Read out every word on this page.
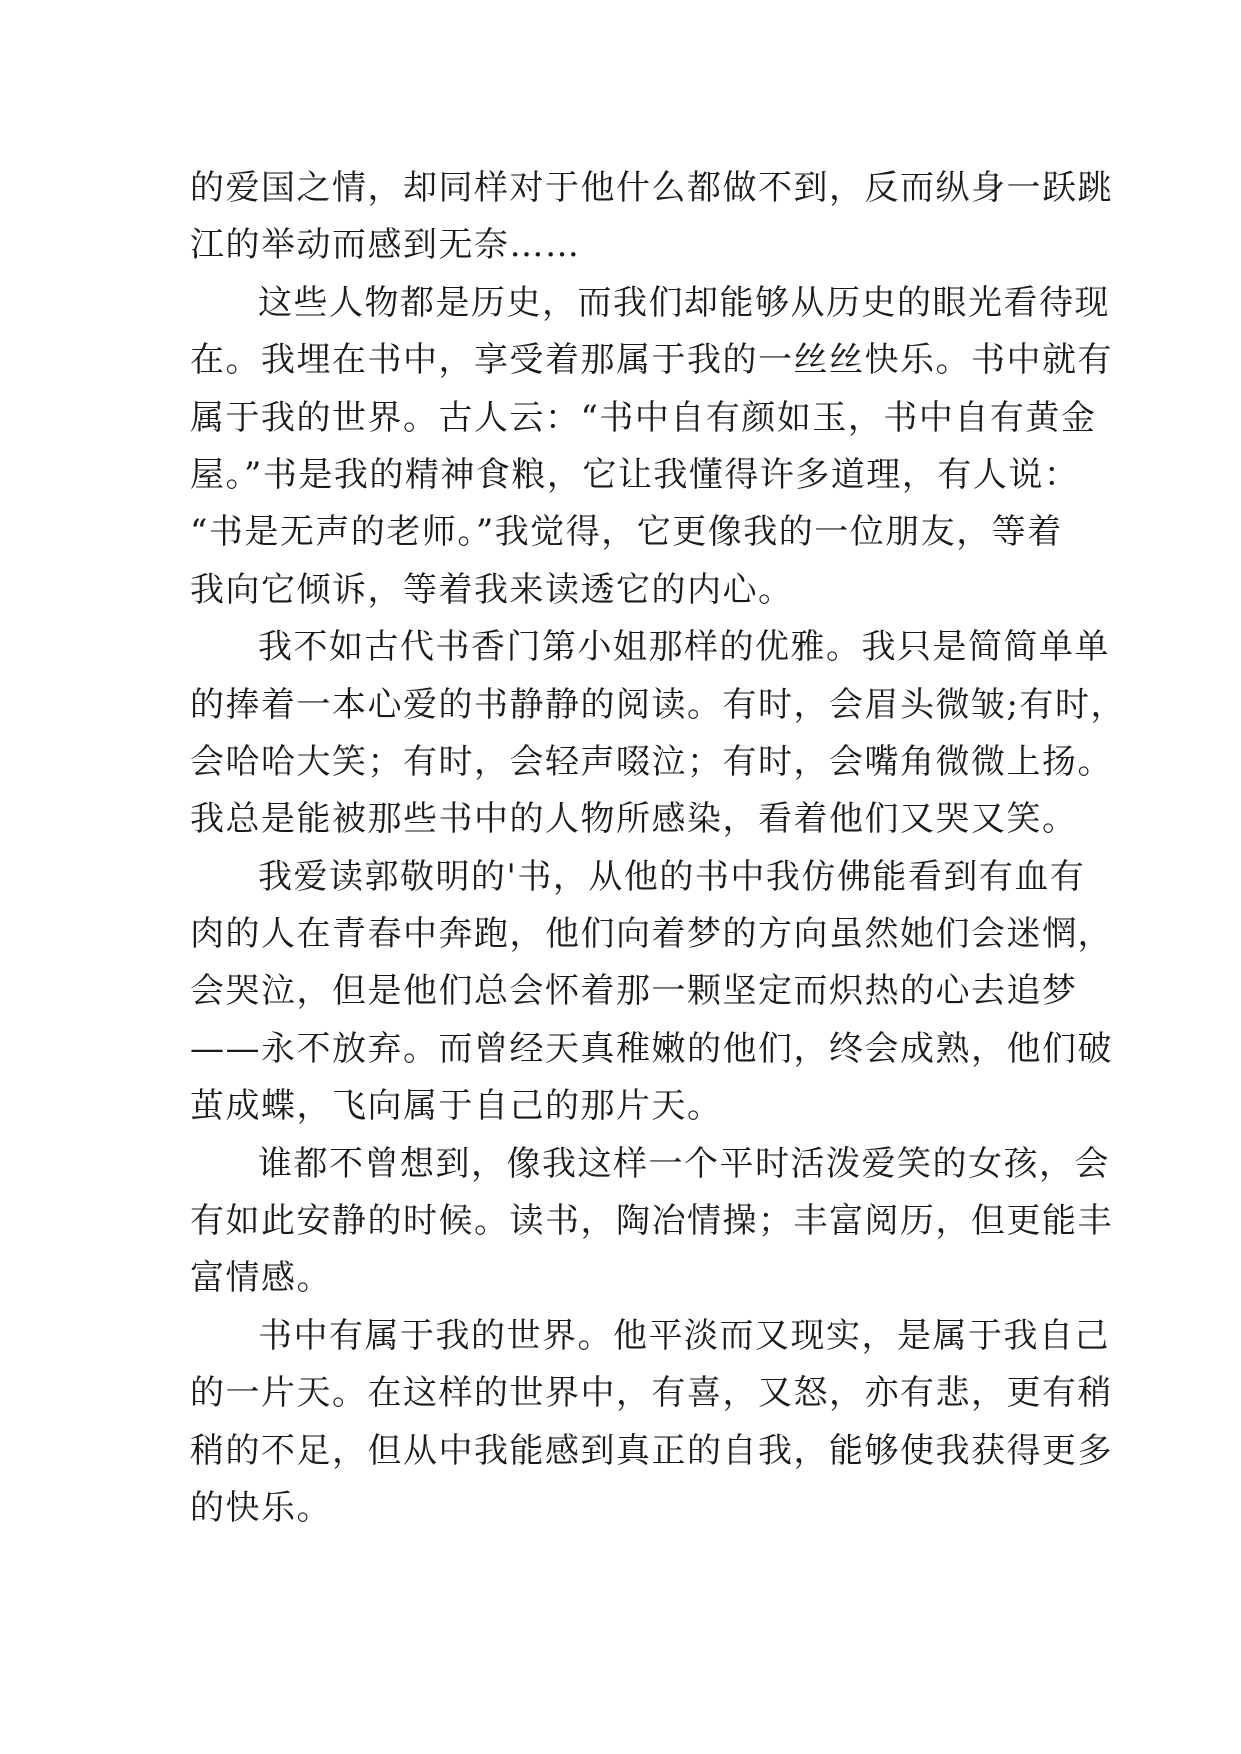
的爱国之情，却同样对于他什么都做不到，反而纵身一跃跳
江的举动而感到无奈……
这些人物都是历史，而我们却能够从历史的眼光看待现
在。我埋在书中，享受着那属于我的一丝丝快乐。书中就有
属于我的世界。古人云：“书中自有颜如玉，书中自有黄金
屋。”书是我的精神食粮，它让我懂得许多道理，有人说：
“书是无声的老师。”我觉得，它更像我的一位朋友，等着
我向它倾诉，等着我来读透它的内心。
我不如古代书香门第小姐那样的优雅。我只是简简单单
的捧着一本心爱的书静静的阅读。有时，会眉头微皱;有时，
会哈哈大笑；有时，会轻声啜泣；有时，会嘴角微微上扬。
我总是能被那些书中的人物所感染，看着他们又哭又笑。
我爱读郭敬明的'书，从他的书中我仿佛能看到有血有
肉的人在青春中奔跑，他们向着梦的方向虽然她们会迷惘，
会哭泣，但是他们总会怀着那一颗坚定而炽热的心去追梦
——永不放弃。而曾经天真稚嫩的他们，终会成熟，他们破
茧成蝶，飞向属于自己的那片天。
谁都不曾想到，像我这样一个平时活泼爱笑的女孩，会
有如此安静的时候。读书，陶冶情操；丰富阅历，但更能丰
富情感。
书中有属于我的世界。他平淡而又现实，是属于我自己
的一片天。在这样的世界中，有喜，又怒，亦有悲，更有稍
稍的不足，但从中我能感到真正的自我，能够使我获得更多
的快乐。
